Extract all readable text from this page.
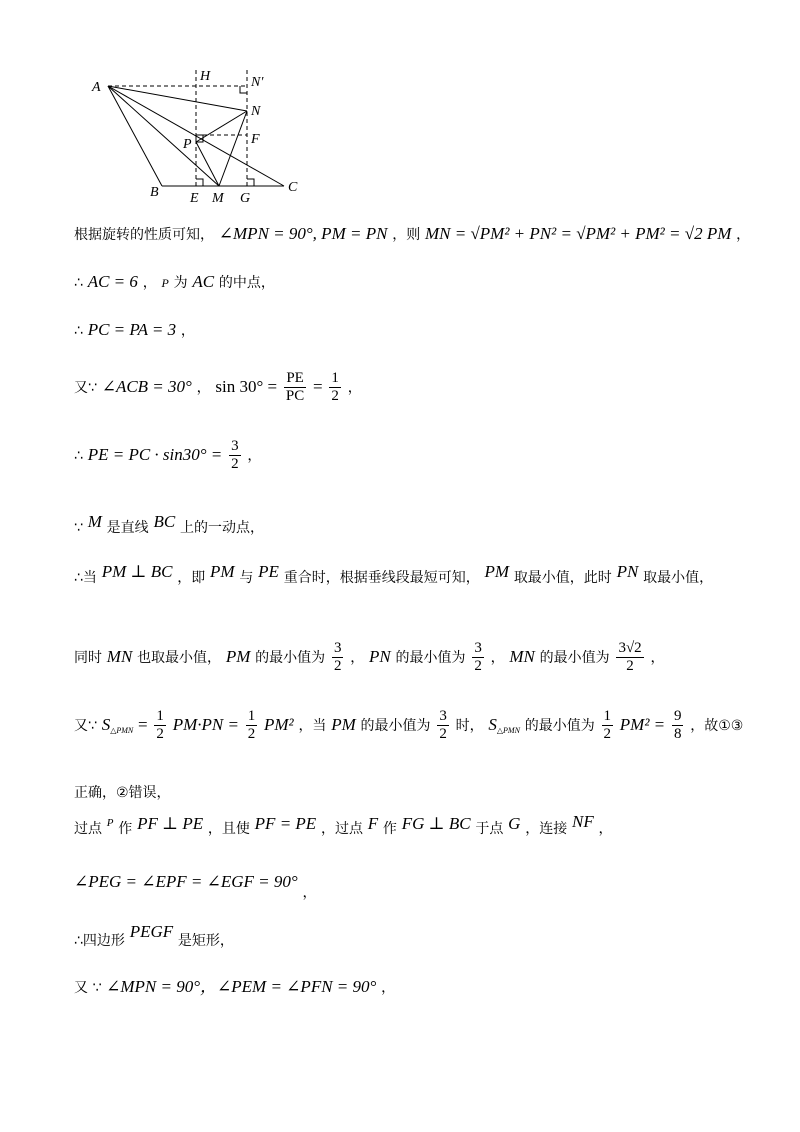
A
H	N′
N
P	F
B E M G
C
根据旋转的性质可知， ∠MPN = 90°, PM = PN ，则 MN = √PM² + PN² = √PM² + PM² = √2 PM ，
∴ AC = 6 ， P 为 AC 的中点，
∴ PC = PA = 3 ，
又∵ ∠ACB = 30° ， $\sin 30^\circ = \frac{PE}{PC} = \frac{1}{2}$ ，
∴ PE = PC · $\sin 30^\circ = \frac{3}{2}$ ，
∵ M 是直线 BC 上的一动点，
∴当 PM ⊥ BC ，即 PM 与 PE 重合时，根据垂线段最短可知， PM 取最小值，此时 PN 取最小值，
同时 MN 也取最小值， PM 的最小值为 $\frac{3}{2}$ ， PN 的最小值为 $\frac{3}{2}$ ， MN 的最小值为 $\frac{3√2}{2}$ ，
又∵ $S_{\triangle PMN} = \frac{1}{2} PM\cdot PN = \frac{1}{2} PM^2$ ，当 PM 的最小值为 $\frac{3}{2}$ 时， $S_{\triangle PMN}$ 的最小值为 $\frac{1}{2} PM^2 = \frac{9}{8}$ ，故①③
正确，②错误，
过点 $^P$ 作 PF ⊥ PE ，且使 PF = PE ，过点 F 作 FG ⊥ BC 于点 G ，连接 NF ，
∠PEG = ∠EPF = ∠EGF = 90° ，
∴四边形 PEGF 是矩形，
又 ∵ ∠MPN = 90°，∠PEM = ∠PFN = 90° ，
